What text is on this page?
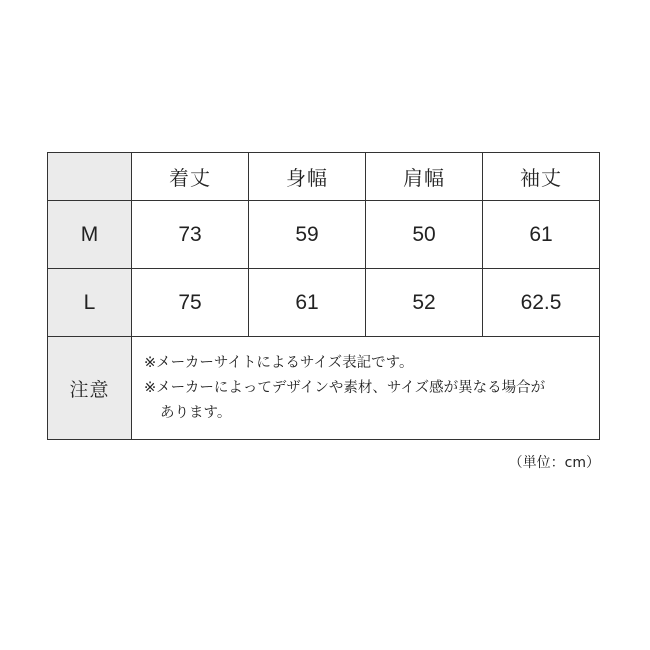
	着丈	身幅	肩幅	袖丈
M	73	59	50	61
L	75	61	52	62.5
注意	※メーカーサイトによるサイズ表記です。
※メーカーによってデザインや素材、サイズ感が異なる場合が
あります。			
（単位：cm）
